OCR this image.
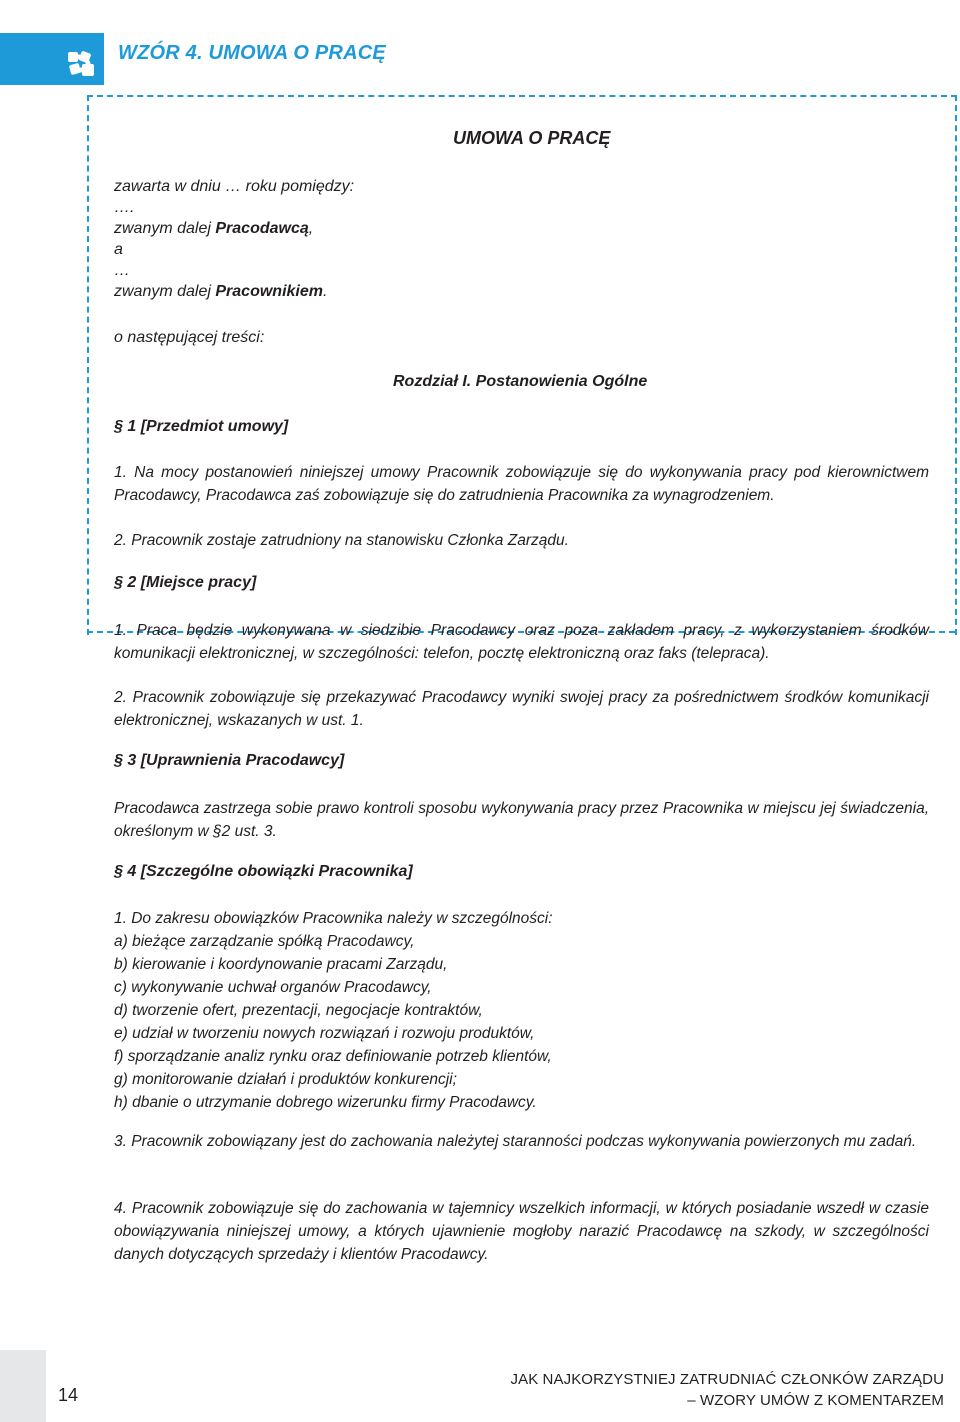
WZÓR 4. UMOWA O PRACĘ
UMOWA O PRACĘ
zawarta w dniu … roku pomiędzy:
….
zwanym dalej Pracodawcą,
a
…
zwanym dalej Pracownikiem.
o następującej treści:
Rozdział I. Postanowienia Ogólne
§ 1 [Przedmiot umowy]
1. Na mocy postanowień niniejszej umowy Pracownik zobowiązuje się do wykonywania pracy pod kierownictwem Pracodawcy, Pracodawca zaś zobowiązuje się do zatrudnienia Pracownika za wynagrodzeniem.
2. Pracownik zostaje zatrudniony na stanowisku Członka Zarządu.
§ 2 [Miejsce pracy]
1. Praca będzie wykonywana w siedzibie Pracodawcy oraz poza zakładem pracy, z wykorzystaniem środków komunikacji elektronicznej, w szczególności: telefon, pocztę elektroniczną oraz faks (telepraca).
2. Pracownik zobowiązuje się przekazywać Pracodawcy wyniki swojej pracy za pośrednictwem środków komunikacji elektronicznej, wskazanych w ust. 1.
§ 3 [Uprawnienia Pracodawcy]
Pracodawca zastrzega sobie prawo kontroli sposobu wykonywania pracy przez Pracownika w miejscu jej świadczenia, określonym w §2 ust. 3.
§ 4 [Szczególne obowiązki Pracownika]
1. Do zakresu obowiązków Pracownika należy w szczególności:
a) bieżące zarządzanie spółką Pracodawcy,
b) kierowanie i koordynowanie pracami Zarządu,
c) wykonywanie uchwał organów Pracodawcy,
d) tworzenie ofert, prezentacji, negocjacje kontraktów,
e) udział w tworzeniu nowych rozwiązań i rozwoju produktów,
f) sporządzanie analiz rynku oraz definiowanie potrzeb klientów,
g) monitorowanie działań i produktów konkurencji;
h) dbanie o utrzymanie dobrego wizerunku firmy Pracodawcy.
3. Pracownik zobowiązany jest do zachowania należytej staranności podczas wykonywania powierzonych mu zadań.
4. Pracownik zobowiązuje się do zachowania w tajemnicy wszelkich informacji, w których posiadanie wszedł w czasie obowiązywania niniejszej umowy, a których ujawnienie mogłoby narazić Pracodawcę na szkody, w szczególności danych dotyczących sprzedaży i klientów Pracodawcy.
14
JAK NAJKORZYSTNIEJ ZATRUDNIAĆ CZŁONKÓW ZARZĄDU
– WZORY UMÓW Z KOMENTARZEM
